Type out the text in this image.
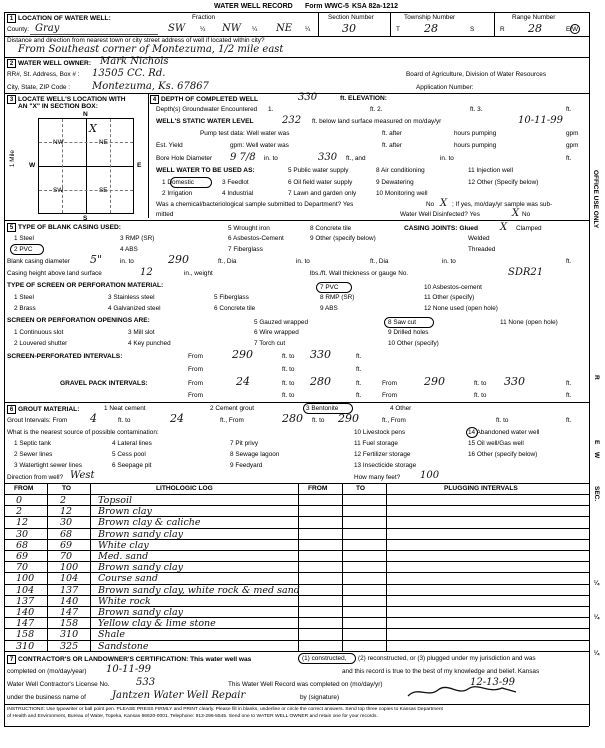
WATER WELL RECORD Form WWC-5 KSA 82a-1212
1 LOCATION OF WATER WELL:	Fraction	Section Number	Township Number	Range Number
County: Gray	SW ¼ NW ¼ NE ¼	30	T 28	S	R 28	E/W
Distance and direction from nearest town or city street address of well if located within city?
From Southeast corner of Montezuma, 1/2 mile east
2 WATER WELL OWNER: Mark Nichols
RR#, St. Address, Box # : 13505 CC. Rd.	Board of Agriculture, Division of Water Resources
City, State, ZIP Code : Montezuma, Ks. 67867	Application Number:
3 LOCATE WELL'S LOCATION WITH
AN "X" IN SECTION BOX:
NW	NE
SW	SE
X
N
S
W	E
1 Mile
4 DEPTH OF COMPLETED WELL	330	ft. ELEVATION:
Depth(s) Groundwater Encountered 1.	ft. 2.	ft. 3.	ft.
WELL'S STATIC WATER LEVEL	232 ft. below land surface measured on mo/day/yr	10-11-99
Pump test data: Well water was	ft. after	hours pumping	gpm
Est. Yield	gpm: Well water was	ft. after	hours pumping	gpm
Bore Hole Diameter 9 7/8 in. to	330 ft., and	in. to	ft.
WELL WATER TO BE USED AS:
1 Domestic	3 Feedlot
5 Public water supply	8 Air conditioning	11 Injection well
2 Irrigation	4 Industrial
6 Oil field water supply	9 Dewatering	12 Other (Specify below)
7 Lawn and garden only	10 Monitoring well
Was a chemical/bacteriological sample submitted to Department? Yes	No X ; If yes, mo/day/yr sample was sub-
mitted	Water Well Disinfected? Yes	X No
5 TYPE OF BLANK CASING USED:
1 Steel
2 PVC
3 RMP (SR)
4 ABS
5 Wrought iron
6 Asbestos-Cement
7 Fiberglass
8 Concrete tile
9 Other (specify below)
CASING JOINTS: Glued X Clamped
Welded
Threaded
Blank casing diameter 5"	in. to	290	ft., Dia	in. to	ft., Dia	in. to	ft.
Casing height above land surface	12	in., weight	lbs./ft. Wall thickness or gauge No.	SDR21
TYPE OF SCREEN OR PERFORATION MATERIAL:
1 Steel
2 Brass
3 Stainless steel
4 Galvanized steel
5 Fiberglass
6 Concrete tile
7 PVC
8 RMP (SR)
9 ABS
10 Asbestos-cement
11 Other (specify)
12 None used (open hole)
SCREEN OR PERFORATION OPENINGS ARE:
1 Continuous slot
2 Louvered shutter
3 Mill slot
4 Key punched
5 Gauzed wrapped
6 Wire wrapped
7 Torch cut
8 Saw cut
9 Drilled holes
10 Other (specify)
11 None (open hole)
SCREEN-PERFORATED INTERVALS:	From	290	ft. to 330	ft.
From	ft. to	ft.
GRAVEL PACK INTERVALS:	From	24	ft. to 280	ft.	From 290	ft. to 330	ft.
From	ft. to	ft.	From	ft. to	ft.
6 GROUT MATERIAL:	1 Neat cement	2 Cement grout	3 Bentonite	4 Other
Grout Intervals: From 4	ft. to	24	ft., From	280 ft. to 290	ft., From	ft. to	ft.
What is the nearest source of possible contamination:
1 Septic tank
2 Sewer lines
3 Watertight sewer lines
4 Lateral lines
5 Cess pool
6 Seepage pit
7 Pit privy
8 Sewage lagoon
9 Feedyard
10 Livestock pens
11 Fuel storage
12 Fertilizer storage
13 Insecticide storage
14 Abandoned water well
15 Oil well/Gas well
16 Other (specify below)
Direction from well? West	How many feet? 100
FROM	TO	LITHOLOGIC LOG	FROM	TO	PLUGGING INTERVALS
0	2	Topsoil
2	12	Brown clay
12	30	Brown clay & caliche
30	68	Brown sandy clay
68	69	White clay
69	70	Med. sand
70	100 Brown sandy clay
100	104 Course sand
104	137 Brown sandy clay, white rock & med sand
137	140 White rock
140	147 Brown sandy clay
147	158 Yellow clay & lime stone
158	310 Shale
310	325 Sandstone
7 CONTRACTOR'S OR LANDOWNER'S CERTIFICATION: This water well was	(1) constructed, (2) reconstructed, or (3) plugged under my jurisdiction and was
completed on (mo/day/year) 10-11-99	and this record is true to the best of my knowledge and belief. Kansas
Water Well Contractor's License No.	533	This Water Well Record was completed on (mo/day/yr)	12-13-99
under the business name of	Jantzen Water Well Repair	by (signature)
INSTRUCTIONS: Use typewriter or ball point pen. PLEASE PRESS FIRMLY and PRINT clearly. Please fill in blanks, underline or circle the correct answers. Send top three copies to Kansas Department
of Health and Environment, Bureau of Water, Topeka, Kansas 66620-0001. Telephone: 913-296-5545. Send one to WATER WELL OWNER and retain one for your records.
OFFICE USE ONLY
R
E
W
SEC.
¼
¼
¼
